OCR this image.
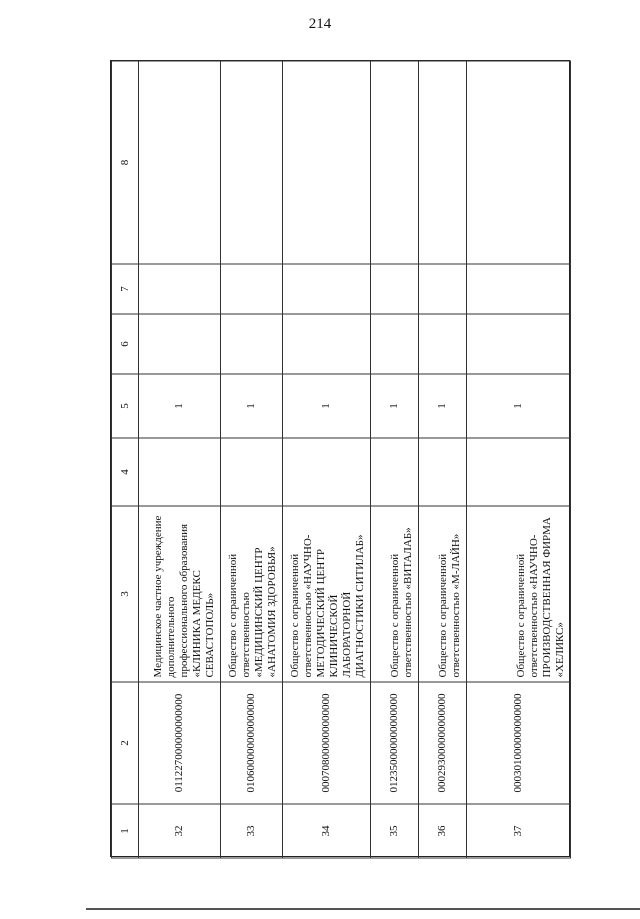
214
1	2	3	4	5	6	7	8
32	011227000000000000	Медицинское частное учреждение дополнительного профессионального образования «КЛИНИКА МЕДЕКС СЕВАСТОПОЛЬ»		1			
33	010600000000000000	Общество с ограниченной ответственностью «МЕДИЦИНСКИЙ ЦЕНТР «АНАТОМИЯ ЗДОРОВЬЯ»		1			
34	000708000000000000	Общество с ограниченной ответственностью «НАУЧНО-МЕТОДИЧЕСКИЙ ЦЕНТР КЛИНИЧЕСКОЙ ЛАБОРАТОРНОЙ ДИАГНОСТИКИ СИТИЛАБ»		1			
35	012350000000000000	Общество с ограниченной ответственностью «ВИТАЛАБ»		1			
36	000293000000000000	Общество с ограниченной ответственностью «М-ЛАЙН»		1			
37	000301000000000000	Общество с ограниченной ответственностью «НАУЧНО-ПРОИЗВОДСТВЕННАЯ ФИРМА «ХЕЛИКС»		1			
